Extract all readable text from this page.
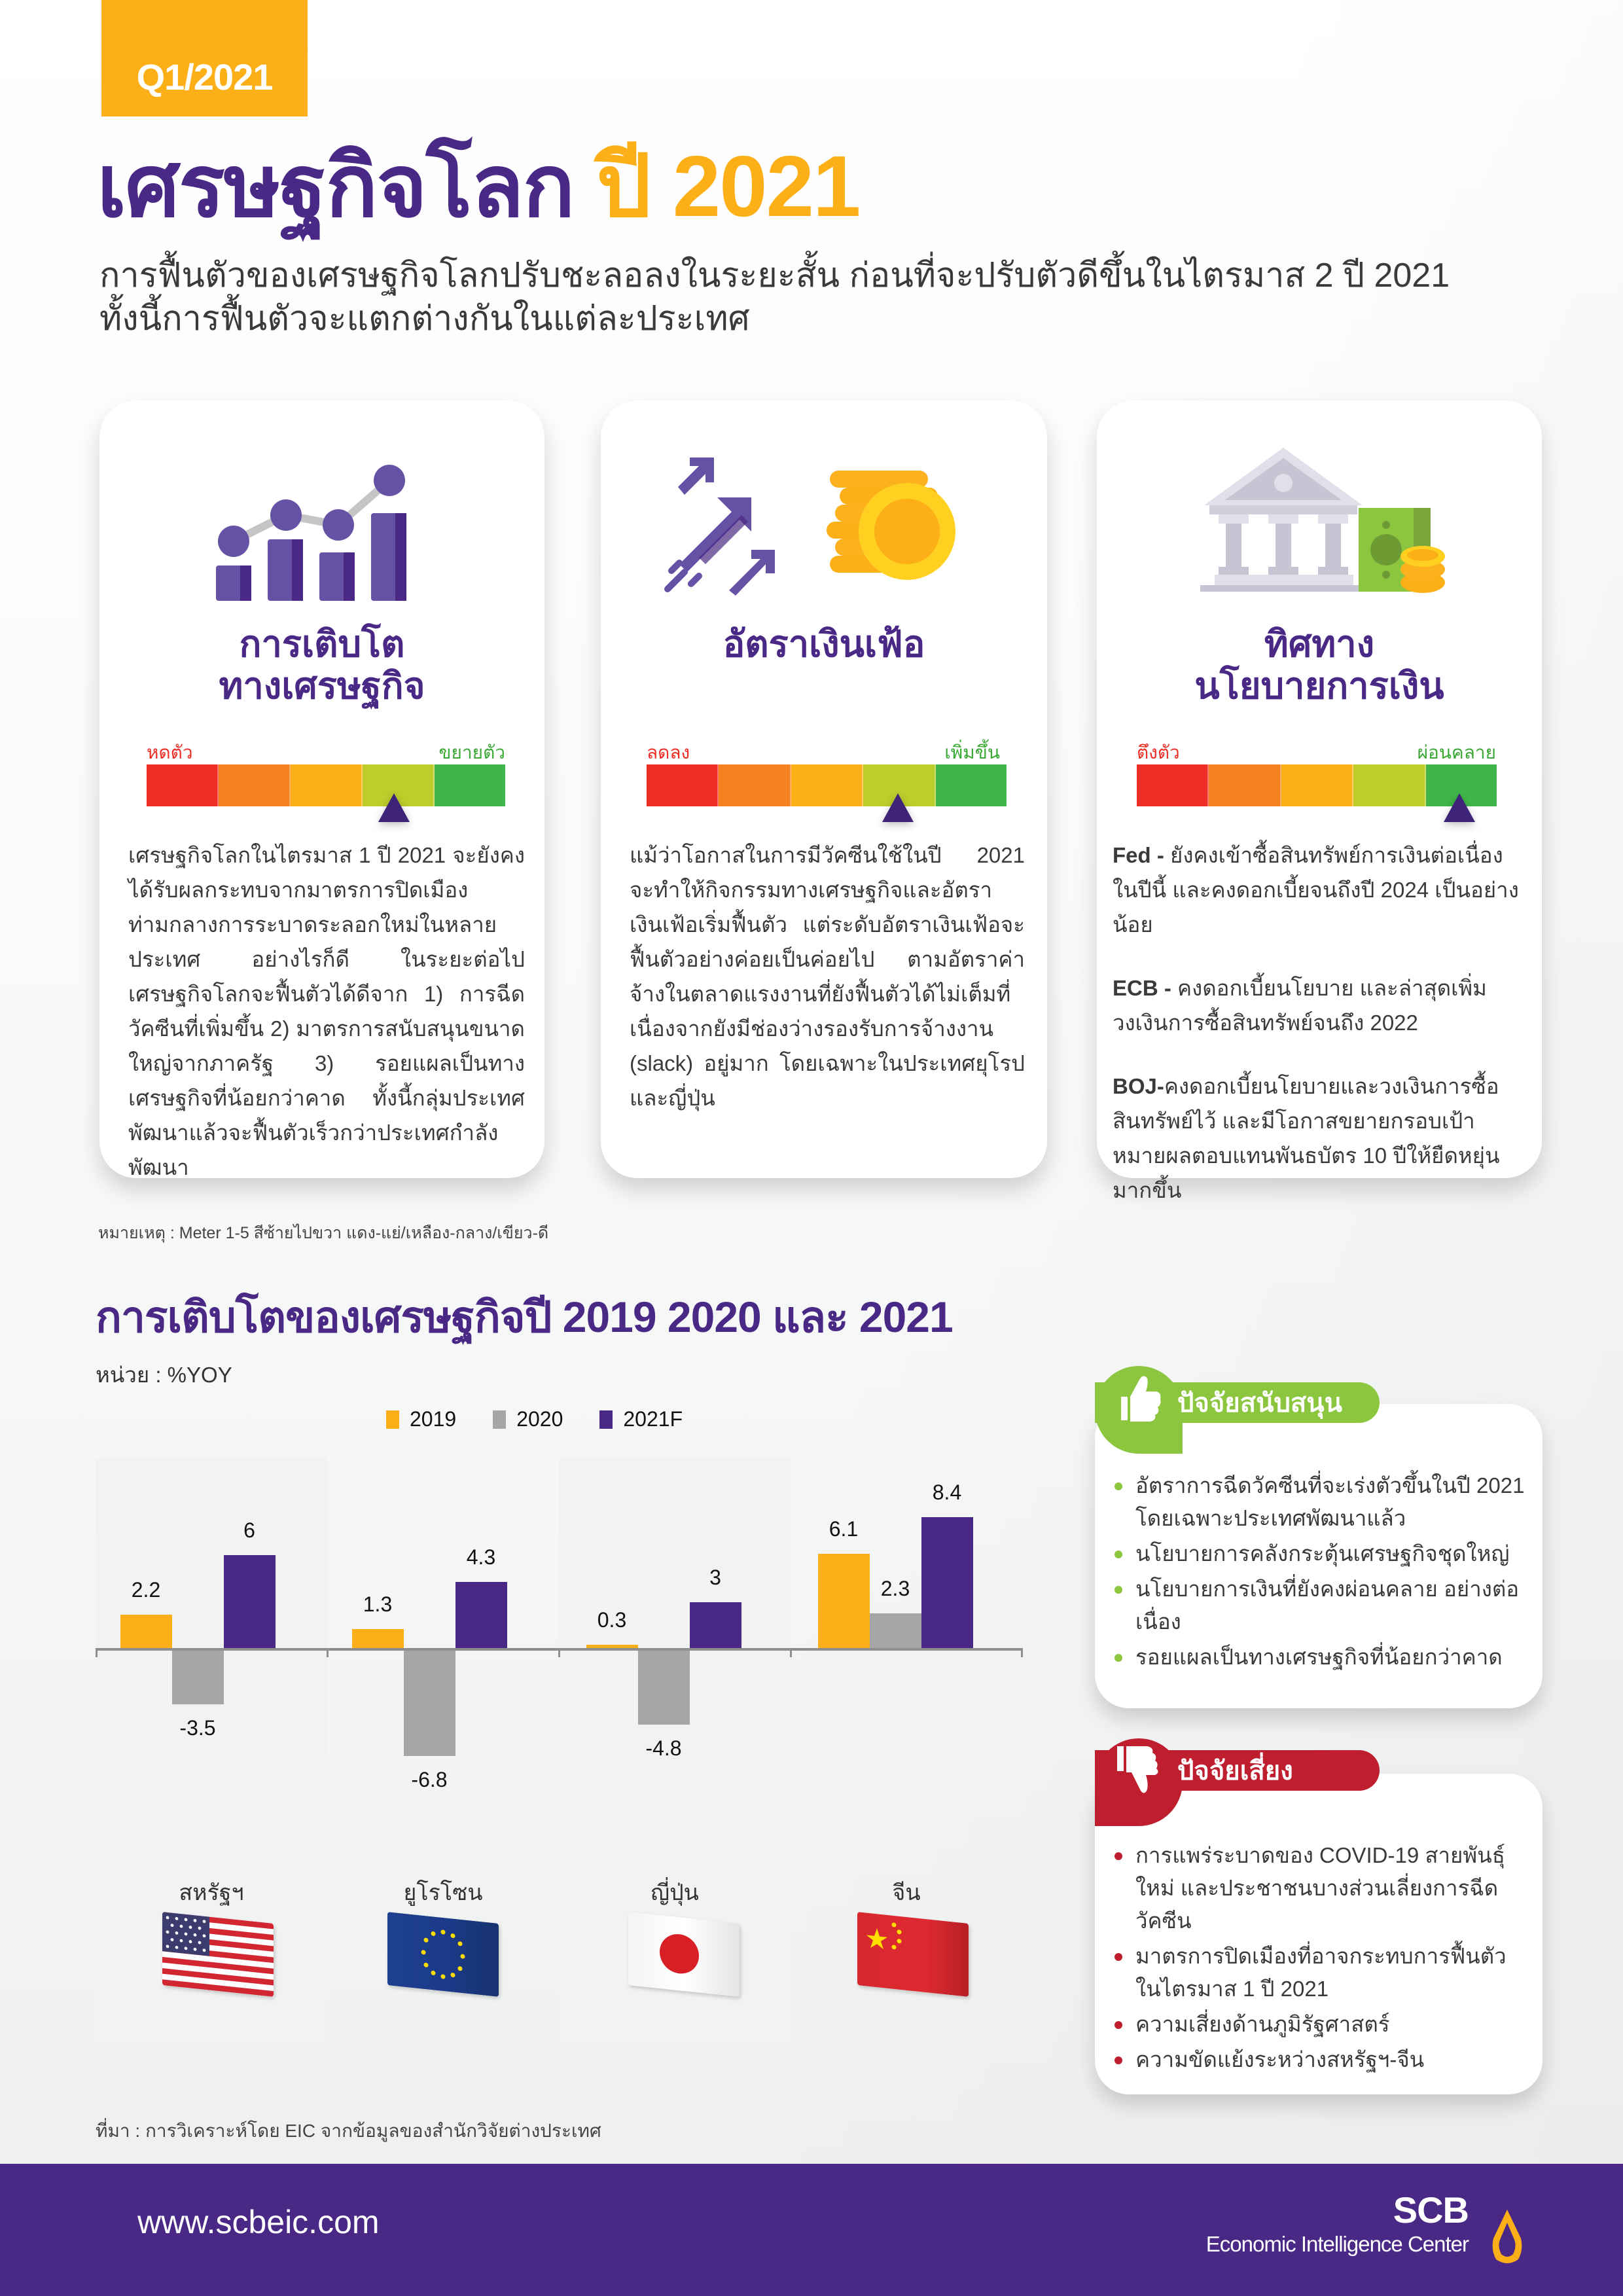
Q1/2021
เศรษฐกิจโลก ปี 2021
การฟื้นตัวของเศรษฐกิจโลกปรับชะลอลงในระยะสั้น ก่อนที่จะปรับตัวดีขึ้นในไตรมาส 2 ปี 2021
ทั้งนี้การฟื้นตัวจะแตกต่างกันในแต่ละประเทศ
การเติบโต
ทางเศรษฐกิจ
หดตัว	ขยายตัว
เศรษฐกิจโลกในไตรมาส 1 ปี 2021 จะยังคงได้รับผลกระทบจากมาตรการปิดเมืองท่ามกลางการระบาดระลอกใหม่ในหลายประเทศ อย่างไรก็ดี ในระยะต่อไป เศรษฐกิจโลกจะฟื้นตัวได้ดีจาก 1) การฉีดวัคซีนที่เพิ่มขึ้น 2) มาตรการสนับสนุนขนาดใหญ่จากภาครัฐ 3) รอยแผลเป็นทางเศรษฐกิจที่น้อยกว่าคาด ทั้งนี้กลุ่มประเทศพัฒนาแล้วจะฟื้นตัวเร็วกว่าประเทศกำลังพัฒนา
อัตราเงินเฟ้อ
ลดลง	เพิ่มขึ้น
แม้ว่าโอกาสในการมีวัคซีนใช้ในปี 2021 จะทำให้กิจกรรมทางเศรษฐกิจและอัตราเงินเฟ้อเริ่มฟื้นตัว แต่ระดับอัตราเงินเฟ้อจะฟื้นตัวอย่างค่อยเป็นค่อยไป ตามอัตราค่าจ้างในตลาดแรงงานที่ยังฟื้นตัวได้ไม่เต็มที่ เนื่องจากยังมีช่องว่างรองรับการจ้างงาน (slack) อยู่มาก โดยเฉพาะในประเทศยุโรปและญี่ปุ่น
ทิศทาง
นโยบายการเงิน
ตึงตัว	ผ่อนคลาย

Fed - ยังคงเข้าซื้อสินทรัพย์การเงินต่อเนื่องในปีนี้ และคงดอกเบี้ยจนถึงปี 2024 เป็นอย่างน้อย

ECB - คงดอกเบี้ยนโยบาย และล่าสุดเพิ่มวงเงินการซื้อสินทรัพย์จนถึง 2022

BOJ-คงดอกเบี้ยนโยบายและวงเงินการซื้อสินทรัพย์ไว้ และมีโอกาสขยายกรอบเป้าหมายผลตอบแทนพันธบัตร 10 ปีให้ยืดหยุ่นมากขึ้น

หมายเหตุ : Meter 1-5 สีซ้ายไปขวา แดง-แย่/เหลือง-กลาง/เขียว-ดี
การเติบโตของเศรษฐกิจปี 2019 2020 และ 2021
หน่วย : %YOY
2019	2020	2021F
2.2
-3.5
6
1.3
-6.8
4.3
0.3
-4.8
3
6.1
2.3
8.4
สหรัฐฯ	ยูโรโซน	ญี่ปุ่น	จีน
ที่มา : การวิเคราะห์โดย EIC จากข้อมูลของสำนักวิจัยต่างประเทศ
อัตราการฉีดวัคซีนที่จะเร่งตัวขึ้นในปี 2021 โดยเฉพาะประเทศพัฒนาแล้ว
นโยบายการคลังกระตุ้นเศรษฐกิจชุดใหญ่
นโยบายการเงินที่ยังคงผ่อนคลาย อย่างต่อเนื่อง
รอยแผลเป็นทางเศรษฐกิจที่น้อยกว่าคาด
ปัจจัยสนับสนุน
การแพร่ระบาดของ COVID-19 สายพันธุ์ใหม่ และประชาชนบางส่วนเลี่ยงการฉีดวัคซีน
มาตรการปิดเมืองที่อาจกระทบการฟื้นตัว ในไตรมาส 1 ปี 2021
ความเสี่ยงด้านภูมิรัฐศาสตร์
ความขัดแย้งระหว่างสหรัฐฯ-จีน
ปัจจัยเสี่ยง
www.scbeic.com	SCB
Economic Intelligence Center
